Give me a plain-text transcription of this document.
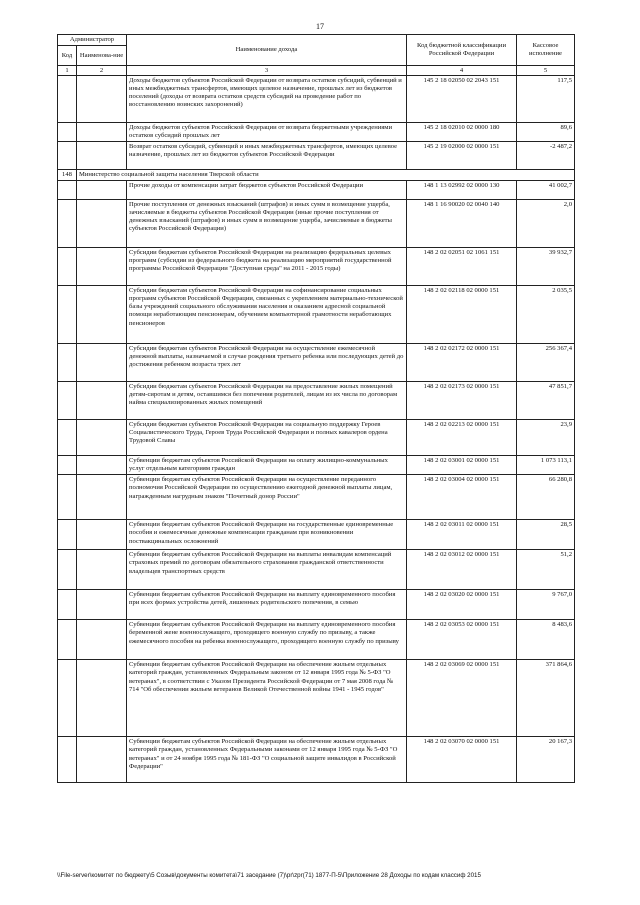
17
Администратор		Наименование дохода	Код бюджетной классификации Российской Федерации	Кассовое исполнение
Код	Наименова-ние			
1	2	3	4	5
		Доходы бюджетов субъектов Российской Федерации от возврата остатков субсидий, субвенций и иных межбюджетных трансфертов, имеющих целевое назначение, прошлых лет из бюджетов поселений (доходы от возврата остатков средств субсидий на проведение работ по восстановлению воинских захоронений)	145 2 18 02050 02 2043 151	117,5
		Доходы бюджетов субъектов Российской Федерации от возврата бюджетными учреждениями остатков субсидий прошлых лет	145 2 18 02010 02 0000 180	89,6
		Возврат остатков субсидий, субвенций и иных межбюджетных трансфертов, имеющих целевое назначение, прошлых лет из бюджетов субъектов Российской Федерации	145 2 19 02000 02 0000 151	-2 487,2
148	Министерство социальной защиты населения Тверской области			
		Прочие доходы от компенсации затрат бюджетов субъектов Российской Федерации	148 1 13 02992 02 0000 130	41 002,7
		Прочие поступления от денежных взысканий (штрафов) и иных сумм в возмещение ущерба, зачисляемые в бюджеты субъектов Российской Федерации (иные прочие поступления от денежных взысканий (штрафов) и иных сумм в возмещение ущерба, зачисляемые в бюджеты субъектов Российской Федерации)	148 1 16 90020 02 0040 140	2,0
		Субсидии бюджетам субъектов Российской Федерации на реализацию федеральных целевых программ (субсидии из федерального бюджета на реализацию мероприятий государственной программы Российской Федерации "Доступная среда" на 2011 - 2015 годы)	148 2 02 02051 02 1061 151	39 932,7
		Субсидии бюджетам субъектов Российской Федерации на софинансирование социальных программ субъектов Российской Федерации, связанных с укреплением материально-технической базы учреждений социального обслуживания населения и оказанием адресной социальной помощи неработающим пенсионерам, обучением компьютерной грамотности неработающих пенсионеров	148 2 02 02118 02 0000 151	2 035,5
		Субсидии бюджетам субъектов Российской Федерации на осуществление ежемесячной денежной выплаты, назначаемой в случае рождения третьего ребенка или последующих детей до достижения ребенком возраста трех лет	148 2 02 02172 02 0000 151	256 367,4
		Субсидии бюджетам субъектов Российской Федерации на предоставление жилых помещений детям-сиротам и детям, оставшимся без попечения родителей, лицам из их числа по договорам найма специализированных жилых помещений	148 2 02 02173 02 0000 151	47 851,7
		Субсидии бюджетам субъектов Российской Федерации на социальную поддержку Героев Социалистического Труда, Героев Труда Российской Федерации и полных кавалеров ордена Трудовой Славы	148 2 02 02213 02 0000 151	23,9
		Субвенции бюджетам субъектов Российской Федерации на оплату жилищно-коммунальных услуг отдельным категориям граждан	148 2 02 03001 02 0000 151	1 073 113,1
		Субвенции бюджетам субъектов Российской Федерации на осуществление переданного полномочия Российской Федерации по осуществлению ежегодной денежной выплаты лицам, награжденным нагрудным знаком "Почетный донор России"	148 2 02 03004 02 0000 151	66 280,8
		Субвенции бюджетам субъектов Российской Федерации на государственные единовременные пособия и ежемесячные денежные компенсации гражданам при возникновении поствакцинальных осложнений	148 2 02 03011 02 0000 151	28,5
		Субвенции бюджетам субъектов Российской Федерации на выплаты инвалидам компенсаций страховых премий по договорам обязательного страхования гражданской ответственности владельцев транспортных средств	148 2 02 03012 02 0000 151	51,2
		Субвенции бюджетам субъектов Российской Федерации на выплату единовременного пособия при всех формах устройства детей, лишенных родительского попечения, в семью	148 2 02 03020 02 0000 151	9 767,0
		Субвенции бюджетам субъектов Российской Федерации на выплату единовременного пособия беременной жене военнослужащего, проходящего военную службу по призыву, а также ежемесячного пособия на ребенка военнослужащего, проходящего военную службу по призыву	148 2 02 03053 02 0000 151	8 483,6
		Субвенции бюджетам субъектов Российской Федерации на обеспечение жильем отдельных категорий граждан, установленных Федеральным законом от 12 января 1995 года № 5-ФЗ "О ветеранах", в соответствии с Указом Президента Российской Федерации от 7 мая 2008 года № 714 "Об обеспечении жильем ветеранов Великой Отечественной войны 1941 - 1945 годов"	148 2 02 03069 02 0000 151	371 864,6
		Субвенции бюджетам субъектов Российской Федерации на обеспечение жильем отдельных категорий граждан, установленных Федеральными законами от 12 января 1995 года № 5-ФЗ "О ветеранах" и от 24 ноября 1995 года № 181-ФЗ "О социальной защите инвалидов в Российской Федерации"	148 2 02 03070 02 0000 151	20 167,3
\\File-server\комитет по бюджету\5 Созыв\документы комитета\71 заседание (7)\pr\zpr(71) 1877-П-5\Приложение 28 Доходы по кодам классиф 2015
